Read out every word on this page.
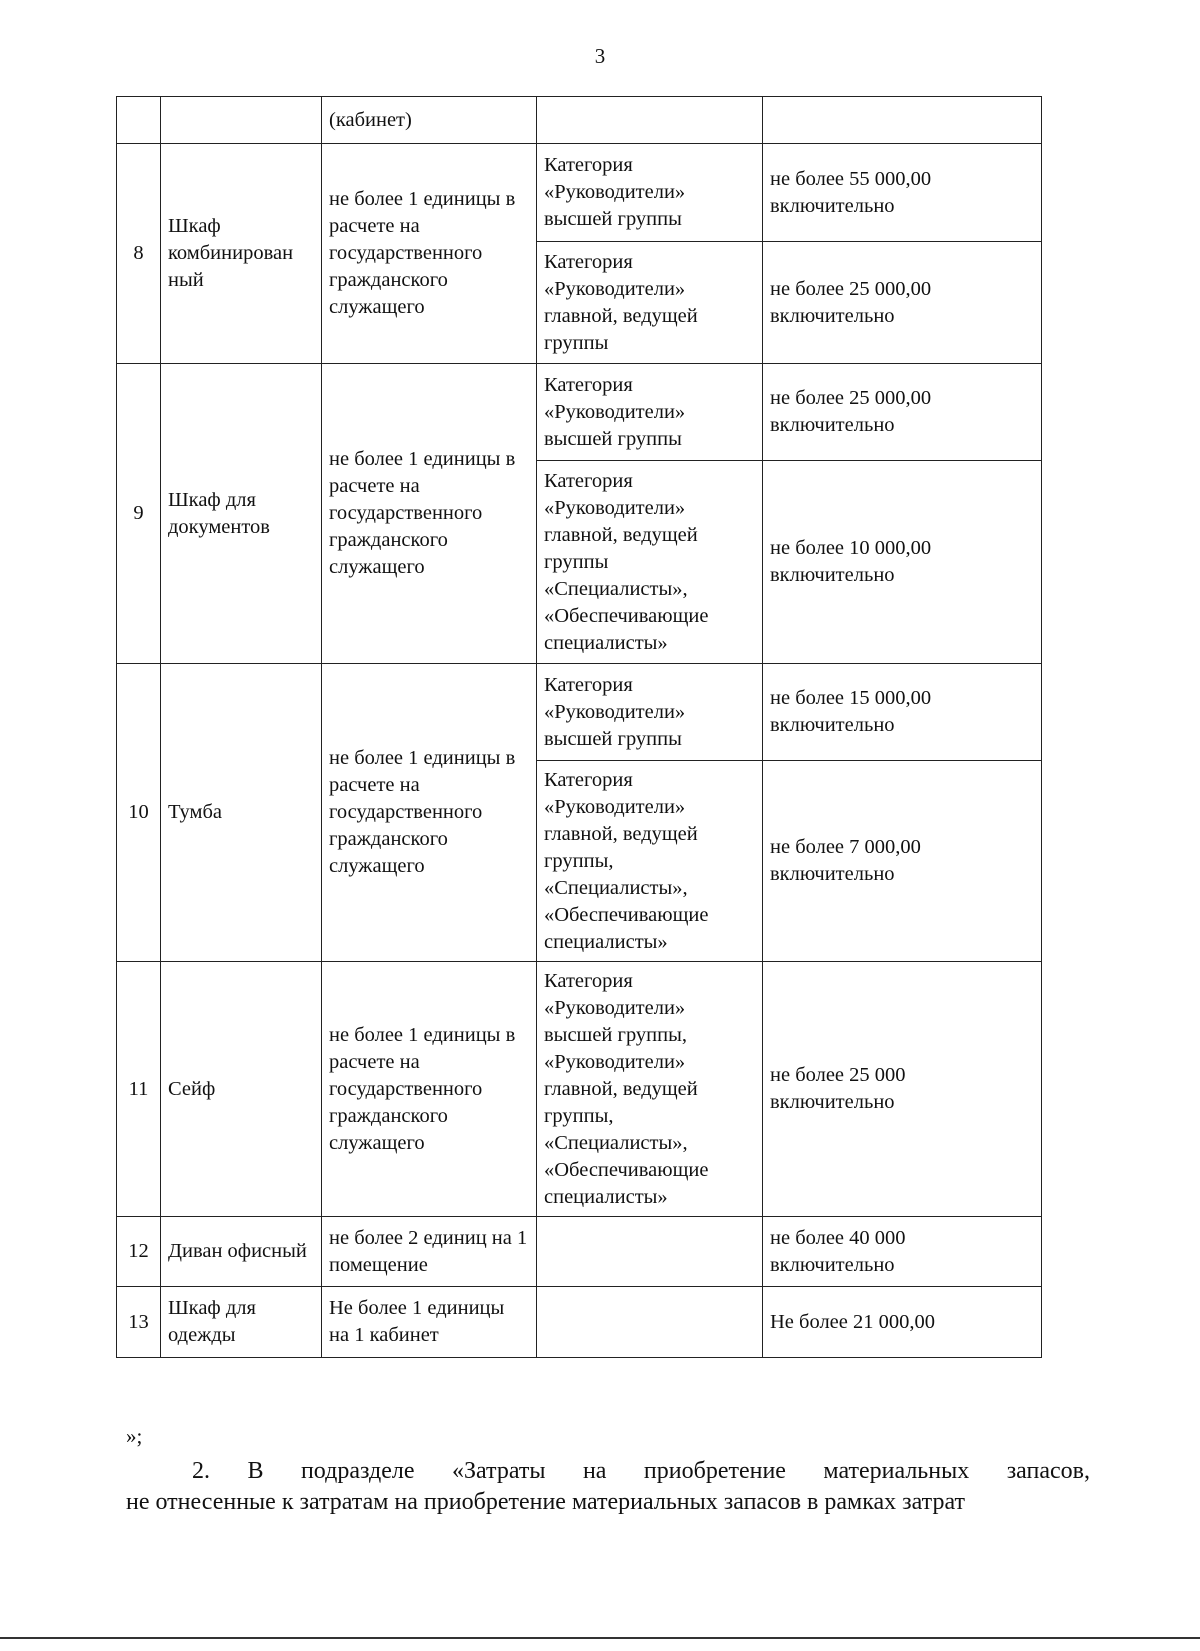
3
		(кабинет)		
8	Шкаф комбинирован ный	не более 1 единицы в расчете на государственного гражданского служащего	Категория «Руководители» высшей группы	не более 55 000,00 включительно
			Категория «Руководители» главной, ведущей группы	не более 25 000,00 включительно
9	Шкаф для документов	не более 1 единицы в расчете на государственного гражданского служащего	Категория «Руководители» высшей группы	не более 25 000,00 включительно
			Категория «Руководители» главной, ведущей группы «Специалисты», «Обеспечивающие специалисты»	не более 10 000,00 включительно
10	Тумба	не более 1 единицы в расчете на государственного гражданского служащего	Категория «Руководители» высшей группы	не более 15 000,00 включительно
			Категория «Руководители» главной, ведущей группы, «Специалисты», «Обеспечивающие специалисты»	не более 7 000,00 включительно
11	Сейф	не более 1 единицы в расчете на государственного гражданского служащего	Категория «Руководители» высшей группы, «Руководители» главной, ведущей группы, «Специалисты», «Обеспечивающие специалисты»	не более 25 000 включительно
12	Диван офисный	не более 2 единиц на 1 помещение		не более 40 000 включительно
13	Шкаф для одежды	Не более 1 единицы на 1 кабинет		Не более 21 000,00
»;
2. В подразделе «Затраты на приобретение материальных запасов,
не отнесенные к затратам на приобретение материальных запасов в рамках затрат
